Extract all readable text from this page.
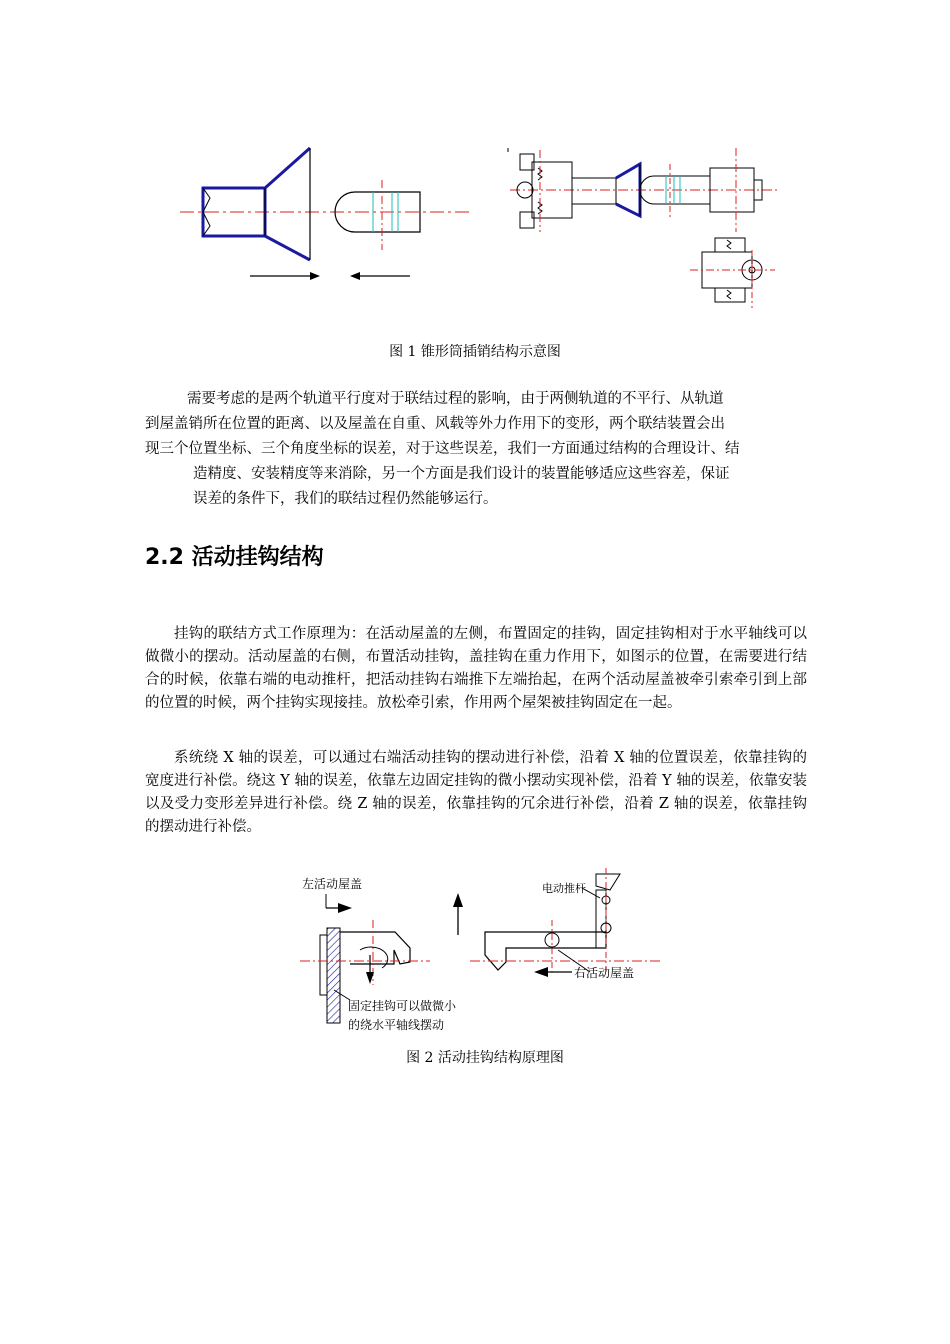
图 1 锥形筒插销结构示意图
需要考虑的是两个轨道平行度对于联结过程的影响，由于两侧轨道的不平行、从轨道
到屋盖销所在位置的距离、以及屋盖在自重、风载等外力作用下的变形，两个联结装置会出
现三个位置坐标、三个角度坐标的误差，对于这些误差，我们一方面通过结构的合理设计、结
造精度、安装精度等来消除，另一个方面是我们设计的装置能够适应这些容差，保证
误差的条件下，我们的联结过程仍然能够运行。
2.2 活动挂钩结构
挂钩的联结方式工作原理为：在活动屋盖的左侧，布置固定的挂钩，固定挂钩相对于水平轴线可以做微小的摆动。活动屋盖的右侧，布置活动挂钩，盖挂钩在重力作用下，如图示的位置，在需要进行结合的时候，依靠右端的电动推杆，把活动挂钩右端推下左端抬起，在两个活动屋盖被牵引索牵引到上部的位置的时候，两个挂钩实现接挂。放松牵引索，作用两个屋架被挂钩固定在一起。
系统绕 X 轴的误差，可以通过右端活动挂钩的摆动进行补偿，沿着 X 轴的位置误差，依靠挂钩的宽度进行补偿。绕这 Y 轴的误差，依靠左边固定挂钩的微小摆动实现补偿，沿着 Y 轴的误差，依靠安装以及受力变形差异进行补偿。绕 Z 轴的误差，依靠挂钩的冗余进行补偿，沿着 Z 轴的误差，依靠挂钩的摆动进行补偿。
左活动屋盖
固定挂钩可以做微小
的绕水平轴线摆动
电动推杆
右活动屋盖
图 2 活动挂钩结构原理图
